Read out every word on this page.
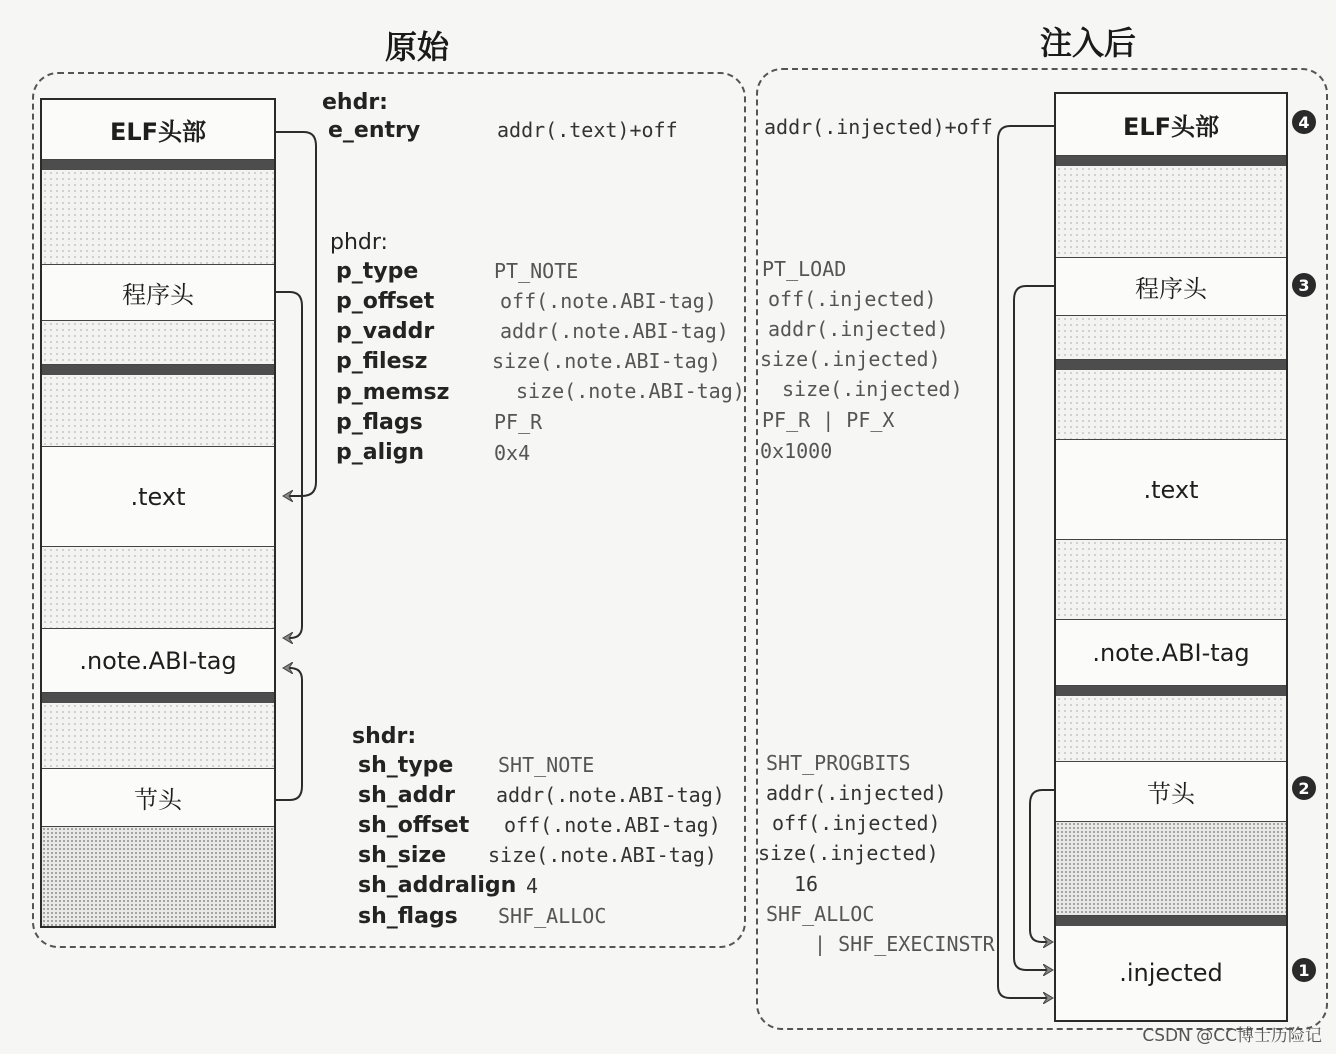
原始	注入后
ELF头部
程序头
.text
.note.ABI-tag
节头
ELF头部
程序头
.text
.note.ABI-tag
节头
.injected
4
3
2
1
ehdr:
e_entry	addr(.text)+off	addr(.injected)+off
phdr:
p_type	PT_NOTE	PT_LOAD
p_offset	off(.note.ABI-tag)	off(.injected)
p_vaddr	addr(.note.ABI-tag) addr(.injected)
p_filesz	size(.note.ABI-tag) size(.injected)
p_memsz	size(.note.ABI-tag) size(.injected)
p_flags	PF_R	PF_R | PF_X
p_align	0x4	0x1000
shdr:
sh_type SHT_NOTE	SHT_PROGBITS
sh_addr addr(.note.ABI-tag) addr(.injected)
sh_offset off(.note.ABI-tag)	off(.injected)
sh_size size(.note.ABI-tag) size(.injected)
sh_addralign 4	16
sh_flags SHF_ALLOC	SHF_ALLOC
| SHF_EXECINSTR
CSDN @CC博士历险记
